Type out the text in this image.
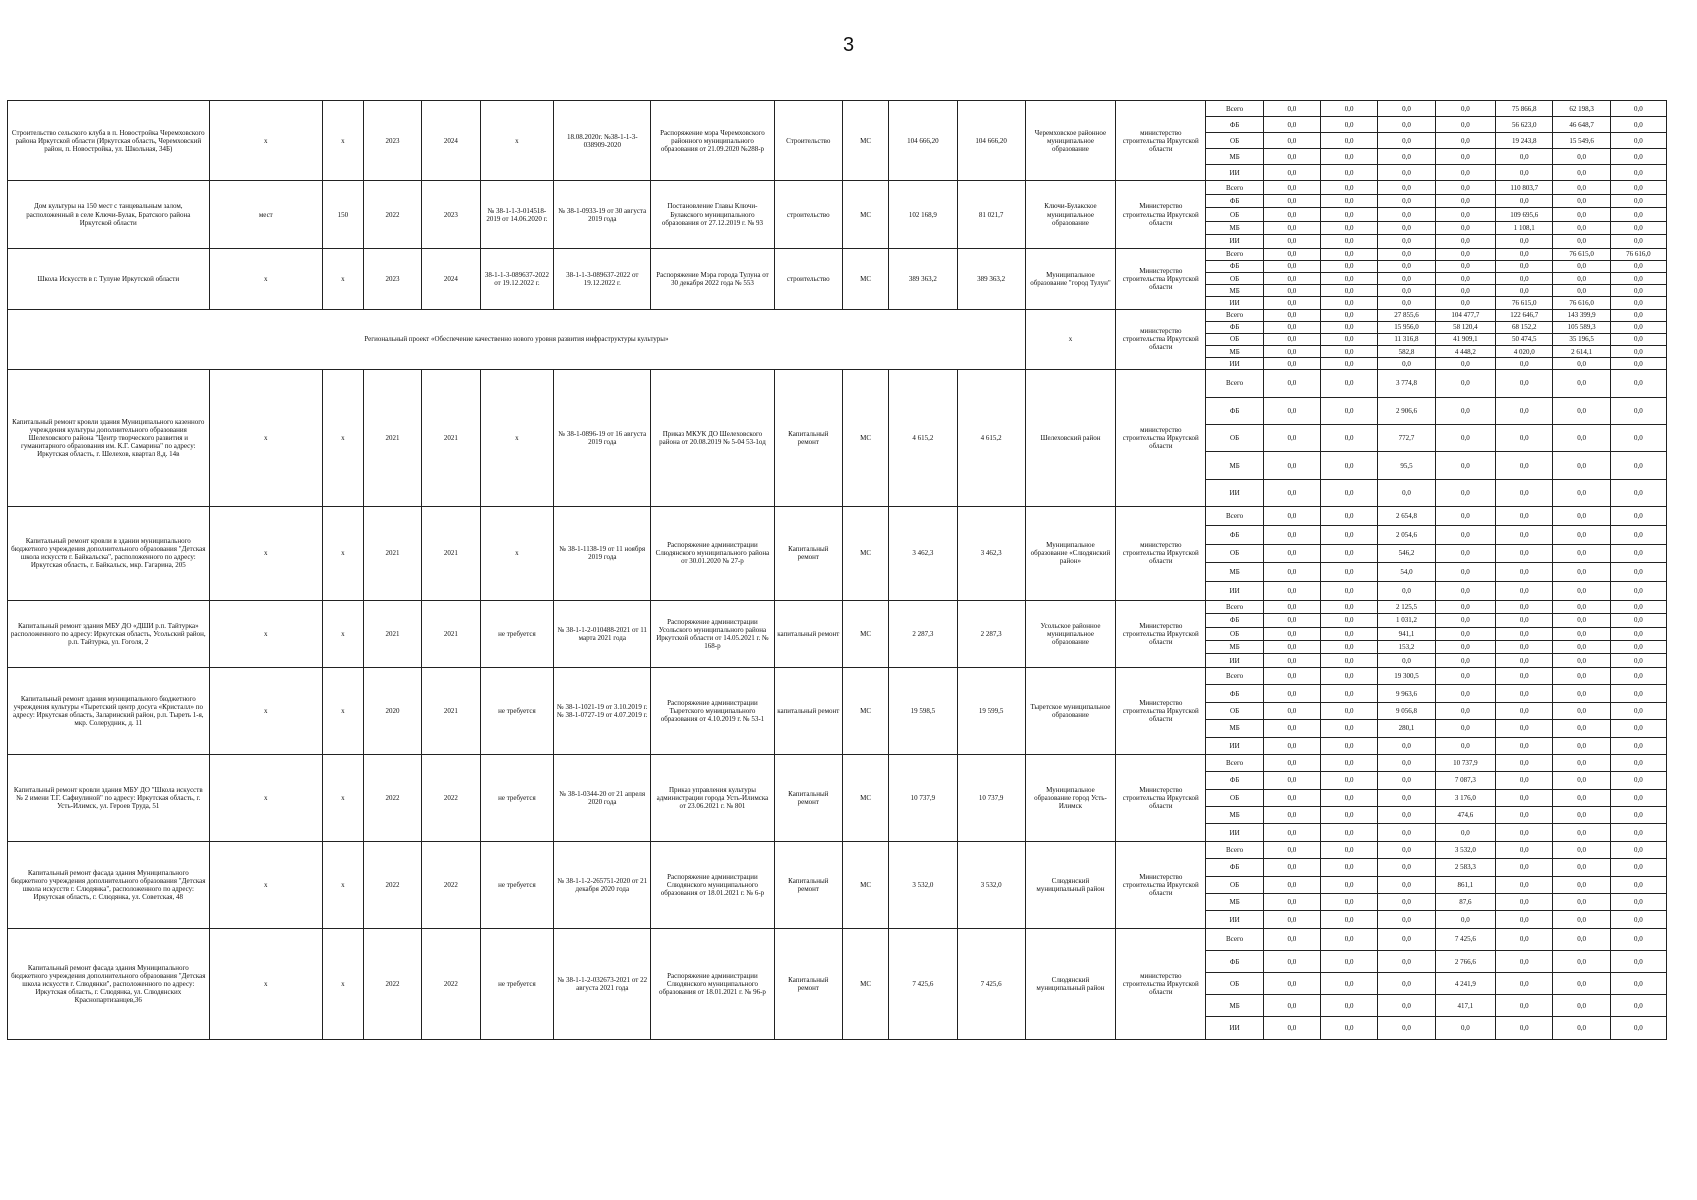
3
Строительство сельского клуба в п. Новостройка Черемховского района Иркутской области (Иркутская область, Черемховский район, п. Новостройка, ул. Школьная, 34Б)	х	х	2023	2024	х	18.08.2020г. №38-1-1-3-038909-2020	Распоряжение мэра Черемховского районного муниципального образования от 21.09.2020 №288-р	Строительство	МС	104 666,20	104 666,20	Черемховское районное муниципальное образование	министерство строительства Иркутской области	Всего	0,0	0,0	0,0	0,0	75 866,8	62 198,3	0,0
														ФБ	0,0	0,0	0,0	0,0	56 623,0	46 648,7	0,0
														ОБ	0,0	0,0	0,0	0,0	19 243,8	15 549,6	0,0
														МБ	0,0	0,0	0,0	0,0	0,0	0,0	0,0
														ИИ	0,0	0,0	0,0	0,0	0,0	0,0	0,0
Дом культуры на 150 мест с танцевальным залом, расположенный в селе Ключи-Булак, Братского района Иркутской области	мест	150	2022	2023	№ 38-1-1-3-014518-2019 от 14.06.2020 г.	№ 38-1-0933-19 от 30 августа 2019 года	Постановление Главы Ключи-Булакского муниципального образования от 27.12.2019 г. № 93	строительство	МС	102 168,9	81 021,7	Ключи-Булакское муниципальное образование	Министерство строительства Иркутской области	Всего	0,0	0,0	0,0	0,0	110 803,7	0,0	0,0
														ФБ	0,0	0,0	0,0	0,0	0,0	0,0	0,0
														ОБ	0,0	0,0	0,0	0,0	109 695,6	0,0	0,0
														МБ	0,0	0,0	0,0	0,0	1 108,1	0,0	0,0
														ИИ	0,0	0,0	0,0	0,0	0,0	0,0	0,0
Школа Искусств в г. Тулуне Иркутской области	х	х	2023	2024	38-1-1-3-089637-2022 от 19.12.2022 г.	38-1-1-3-089637-2022 от 19.12.2022 г.	Распоряжение Мэра города Тулуна от 30 декабря 2022 года № 553	строительство	МС	389 363,2	389 363,2	Муниципальное образование "город Тулун"	Министерство строительства Иркутской области	Всего	0,0	0,0	0,0	0,0	0,0	76 615,0	76 616,0
														ФБ	0,0	0,0	0,0	0,0	0,0	0,0	0,0
														ОБ	0,0	0,0	0,0	0,0	0,0	0,0	0,0
														МБ	0,0	0,0	0,0	0,0	0,0	0,0	0,0
														ИИ	0,0	0,0	0,0	0,0	76 615,0	76 616,0	0,0
Региональный проект «Обеспечение качественно нового уровня развития инфраструктуры культуры»												х	министерство строительства Иркутской области	Всего	0,0	0,0	27 855,6	104 477,7	122 646,7	143 399,9	0,0
														ФБ	0,0	0,0	15 956,0	58 120,4	68 152,2	105 589,3	0,0
														ОБ	0,0	0,0	11 316,8	41 909,1	50 474,5	35 196,5	0,0
														МБ	0,0	0,0	582,8	4 448,2	4 020,0	2 614,1	0,0
														ИИ	0,0	0,0	0,0	0,0	0,0	0,0	0,0
Капитальный ремонт кровли здания Муниципального казенного учреждения культуры дополнительного образования Шелеховского района "Центр творческого развития и гуманитарного образования им. К.Г. Самарина" по адресу: Иркутская область, г. Шелехов, квартал 8,д. 14в	х	х	2021	2021	х	№ 38-1-0896-19 от 16 августа 2019 года	Приказ МКУК ДО Шелеховского района от 20.08.2019 № 5-04 53-1од	Капитальный ремонт	МС	4 615,2	4 615,2	Шелеховский район	министерство строительства Иркутской области	Всего	0,0	0,0	3 774,8	0,0	0,0	0,0	0,0
														ФБ	0,0	0,0	2 906,6	0,0	0,0	0,0	0,0
														ОБ	0,0	0,0	772,7	0,0	0,0	0,0	0,0
														МБ	0,0	0,0	95,5	0,0	0,0	0,0	0,0
														ИИ	0,0	0,0	0,0	0,0	0,0	0,0	0,0
Капитальный ремонт кровли в здании муниципального бюджетного учреждения дополнительного образования "Детская школа искусств г. Байкальска", расположенного по адресу: Иркутская область, г. Байкальск, мкр. Гагарина, 205	х	х	2021	2021	х	№ 38-1-1138-19 от 11 ноября 2019 года	Распоряжение администрации Слюдянского муниципального района от 30.01.2020 № 27-р	Капитальный ремонт	МС	3 462,3	3 462,3	Муниципальное образование «Слюдянский район»	министерство строительства Иркутской области	Всего	0,0	0,0	2 654,8	0,0	0,0	0,0	0,0
														ФБ	0,0	0,0	2 054,6	0,0	0,0	0,0	0,0
														ОБ	0,0	0,0	546,2	0,0	0,0	0,0	0,0
														МБ	0,0	0,0	54,0	0,0	0,0	0,0	0,0
														ИИ	0,0	0,0	0,0	0,0	0,0	0,0	0,0
Капитальный ремонт здания МБУ ДО «ДШИ р.п. Тайтурка» расположенного по адресу: Иркутская область, Усольский район, р.п. Тайтурка, ул. Гоголя, 2	х	х	2021	2021	не требуется	№ 38-1-1-2-010488-2021 от 11 марта 2021 года	Распоряжение администрации Усольского муниципального района Иркутской области от 14.05.2021 г. № 168-р	капитальный ремонт	МС	2 287,3	2 287,3	Усольское районное муниципальное образование	Министерство строительства Иркутской области	Всего	0,0	0,0	2 125,5	0,0	0,0	0,0	0,0
														ФБ	0,0	0,0	1 031,2	0,0	0,0	0,0	0,0
														ОБ	0,0	0,0	941,1	0,0	0,0	0,0	0,0
														МБ	0,0	0,0	153,2	0,0	0,0	0,0	0,0
														ИИ	0,0	0,0	0,0	0,0	0,0	0,0	0,0
Капитальный ремонт здания муниципального бюджетного учреждения культуры «Тыретский центр досуга «Кристалл» по адресу: Иркутская область, Заларинский район, р.п. Тыреть 1-я, мкр. Солерудник, д. 11	х	х	2020	2021	не требуется	№ 38-1-1021-19 от 3.10.2019 г. № 38-1-0727-19 от 4.07.2019 г.	Распоряжение администрации Тыретского муниципального образования от 4.10.2019 г. № 53-1	капитальный ремонт	МС	19 598,5	19 599,5	Тыретское муниципальное образование	Министерство строительства Иркутской области	Всего	0,0	0,0	19 300,5	0,0	0,0	0,0	0,0
														ФБ	0,0	0,0	9 963,6	0,0	0,0	0,0	0,0
														ОБ	0,0	0,0	9 056,8	0,0	0,0	0,0	0,0
														МБ	0,0	0,0	280,1	0,0	0,0	0,0	0,0
														ИИ	0,0	0,0	0,0	0,0	0,0	0,0	0,0
Капитальный ремонт кровли здания МБУ ДО "Школа искусств № 2 имени Т.Г. Сафиулиной" по адресу: Иркутская область, г. Усть-Илимск, ул. Героев Труда, 51	х	х	2022	2022	не требуется	№ 38-1-0344-20 от 21 апреля 2020 года	Приказ управления культуры администрации города Усть-Илимска от 23.06.2021 г. № 801	Капитальный ремонт	МС	10 737,9	10 737,9	Муниципальное образование город Усть-Илимск	Министерство строительства Иркутской области	Всего	0,0	0,0	0,0	10 737,9	0,0	0,0	0,0
														ФБ	0,0	0,0	0,0	7 087,3	0,0	0,0	0,0
														ОБ	0,0	0,0	0,0	3 176,0	0,0	0,0	0,0
														МБ	0,0	0,0	0,0	474,6	0,0	0,0	0,0
														ИИ	0,0	0,0	0,0	0,0	0,0	0,0	0,0
Капитальный ремонт фасада здания Муниципального бюджетного учреждения дополнительного образования "Детская школа искусств г. Слюдянка", расположенного по адресу: Иркутская область, г. Слюдянка, ул. Советская, 48	х	х	2022	2022	не требуется	№ 38-1-1-2-265751-2020 от 21 декабря 2020 года	Распоряжение администрации Слюдянского муниципального образования от 18.01.2021 г. № 6-р	Капитальный ремонт	МС	3 532,0	3 532,0	Слюдянский муниципальный район	Министерство строительства Иркутской области	Всего	0,0	0,0	0,0	3 532,0	0,0	0,0	0,0
														ФБ	0,0	0,0	0,0	2 583,3	0,0	0,0	0,0
														ОБ	0,0	0,0	0,0	861,1	0,0	0,0	0,0
														МБ	0,0	0,0	0,0	87,6	0,0	0,0	0,0
														ИИ	0,0	0,0	0,0	0,0	0,0	0,0	0,0
Капитальный ремонт фасада здания Муниципального бюджетного учреждения дополнительного образования "Детская школа искусств г. Слюдянки", расположенного по адресу: Иркутская область, г. Слюдянка, ул. Слюдянских Краснопартизанцев,36	х	х	2022	2022	не требуется	№ 38-1-1-2-032673-2021 от 22 августа 2021 года	Распоряжение администрации Слюдянского муниципального образования от 18.01.2021 г. № 96-р	Капитальный ремонт	МС	7 425,6	7 425,6	Слюдянский муниципальный район	министерство строительства Иркутской области	Всего	0,0	0,0	0,0	7 425,6	0,0	0,0	0,0
														ФБ	0,0	0,0	0,0	2 766,6	0,0	0,0	0,0
														ОБ	0,0	0,0	0,0	4 241,9	0,0	0,0	0,0
														МБ	0,0	0,0	0,0	417,1	0,0	0,0	0,0
														ИИ	0,0	0,0	0,0	0,0	0,0	0,0	0,0
